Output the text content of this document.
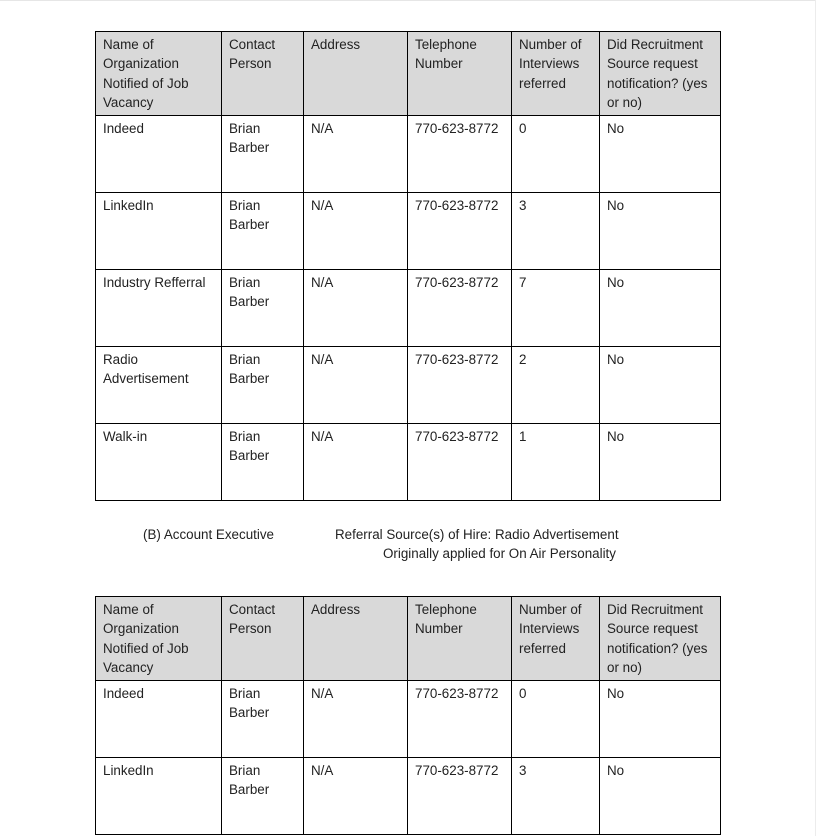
Name of Organization Notified of Job Vacancy	Contact Person	Address	Telephone Number	Number of Interviews referred	Did Recruitment Source request notification? (yes or no)
Indeed	Brian Barber	N/A	770-623-8772	0	No
LinkedIn	Brian Barber	N/A	770-623-8772	3	No
Industry Refferral	Brian Barber	N/A	770-623-8772	7	No
Radio Advertisement	Brian Barber	N/A	770-623-8772	2	No
Walk-in	Brian Barber	N/A	770-623-8772	1	No
(B) Account Executive	Referral Source(s) of Hire: Radio Advertisement
Originally applied for On Air Personality
Name of Organization Notified of Job Vacancy	Contact Person	Address	Telephone Number	Number of Interviews referred	Did Recruitment Source request notification? (yes or no)
Indeed	Brian Barber	N/A	770-623-8772	0	No
LinkedIn	Brian Barber	N/A	770-623-8772	3	No
